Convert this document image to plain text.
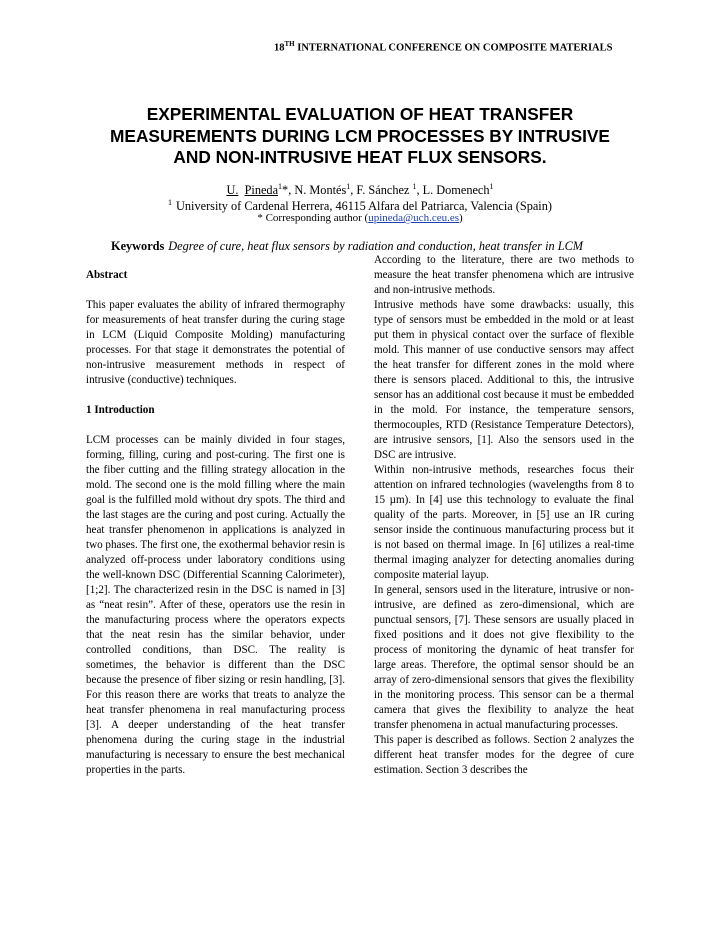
18TH INTERNATIONAL CONFERENCE ON COMPOSITE MATERIALS
EXPERIMENTAL EVALUATION OF HEAT TRANSFER
MEASUREMENTS DURING LCM PROCESSES BY INTRUSIVE
AND NON-INTRUSIVE HEAT FLUX SENSORS.
U. Pineda$^1$*, N. Montés$^1$, F. Sánchez $^1$, L. Domenech$^1$
$^1$ University of Cardenal Herrera, 46115 Alfara del Patriarca, Valencia (Spain)
* Corresponding author (upineda@uch.ceu.es)
Keywords Degree of cure, heat flux sensors by radiation and conduction, heat transfer in LCM

Abstract

This paper evaluates the ability of infrared thermography for measurements of heat transfer during the curing stage in LCM (Liquid Composite Molding) manufacturing processes. For that stage it demonstrates the potential of non-intrusive measurement methods in respect of intrusive (conductive) techniques.

1 Introduction

LCM processes can be mainly divided in four stages, forming, filling, curing and post-curing. The first one is the fiber cutting and the filling strategy allocation in the mold. The second one is the mold filling where the main goal is the fulfilled mold without dry spots. The third and the last stages are the curing and post curing. Actually the heat transfer phenomenon in applications is analyzed in two phases. The first one, the exothermal behavior resin is analyzed off-process under laboratory conditions using the well-known DSC (Differential Scanning Calorimeter), [1;2]. The characterized resin in the DSC is named in [3] as “neat resin”. After of these, operators use the resin in the manufacturing process where the operators expects that the neat resin has the similar behavior, under controlled conditions, than DSC. The reality is sometimes, the behavior is different than the DSC because the presence of fiber sizing or resin handling, [3]. For this reason there are works that treats to analyze the heat transfer phenomena in real manufacturing process [3]. A deeper understanding of the heat transfer phenomena during the curing stage in the industrial manufacturing is necessary to ensure the best mechanical properties in the parts.

According to the literature, there are two methods to measure the heat transfer phenomena which are intrusive and non-intrusive methods.

Intrusive methods have some drawbacks: usually, this type of sensors must be embedded in the mold or at least put them in physical contact over the surface of flexible mold. This manner of use conductive sensors may affect the heat transfer for different zones in the mold where there is sensors placed. Additional to this, the intrusive sensor has an additional cost because it must be embedded in the mold. For instance, the temperature sensors, thermocouples, RTD (Resistance Temperature Detectors), are intrusive sensors, [1]. Also the sensors used in the DSC are intrusive.

Within non-intrusive methods, researches focus their attention on infrared technologies (wavelengths from 8 to 15 µm). In [4] use this technology to evaluate the final quality of the parts. Moreover, in [5] use an IR curing sensor inside the continuous manufacturing process but it is not based on thermal image. In [6] utilizes a real-time thermal imaging analyzer for detecting anomalies during composite material layup.

In general, sensors used in the literature, intrusive or non-intrusive, are defined as zero-dimensional, which are punctual sensors, [7]. These sensors are usually placed in fixed positions and it does not give flexibility to the process of monitoring the dynamic of heat transfer for large areas. Therefore, the optimal sensor should be an array of zero-dimensional sensors that gives the flexibility in the monitoring process. This sensor can be a thermal camera that gives the flexibility to analyze the heat transfer phenomena in actual manufacturing processes.

This paper is described as follows. Section 2 analyzes the different heat transfer modes for the degree of cure estimation. Section 3 describes the
